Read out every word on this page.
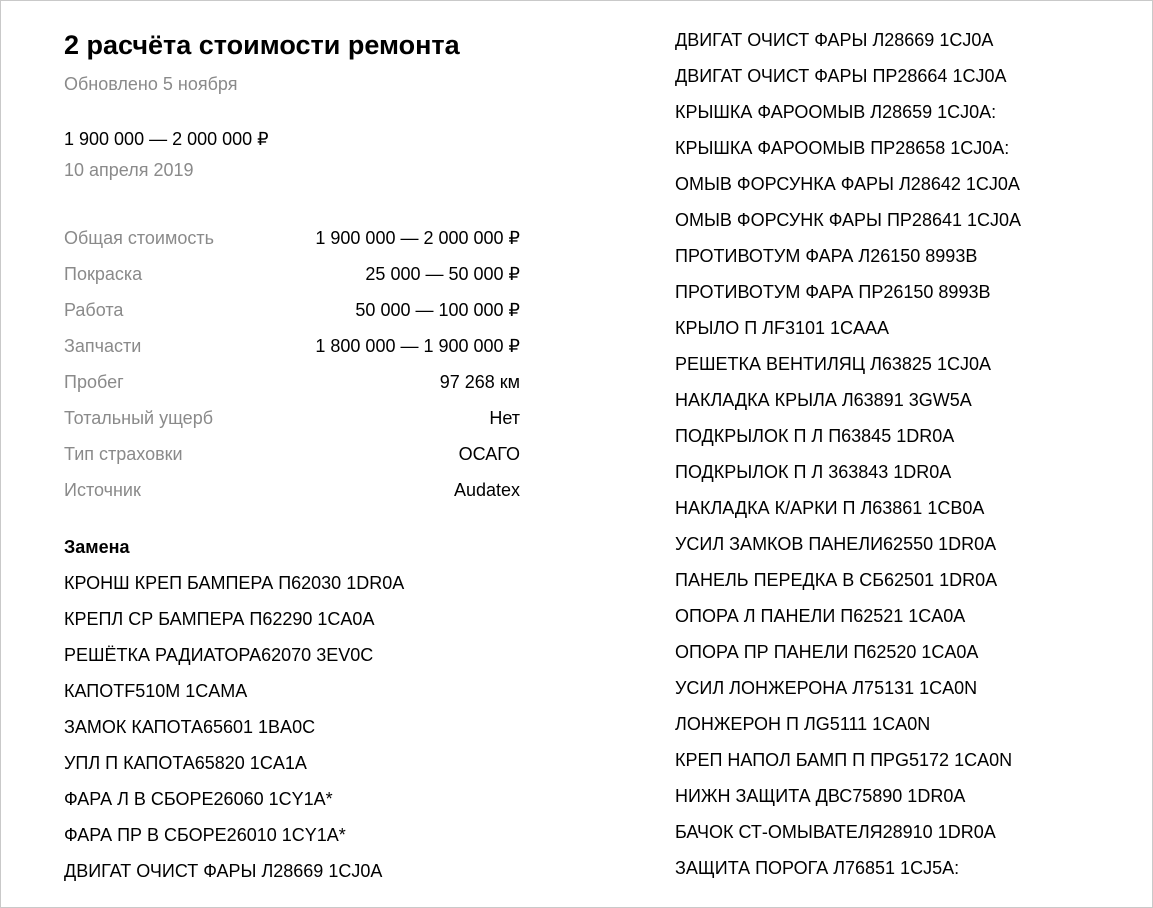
2 расчёта стоимости ремонта
Обновлено 5 ноября
1 900 000 — 2 000 000 ₽
10 апреля 2019
Общая стоимость	1 900 000 — 2 000 000 ₽
Покраска	25 000 — 50 000 ₽
Работа	50 000 — 100 000 ₽
Запчасти	1 800 000 — 1 900 000 ₽
Пробег	97 268 км
Тотальный ущерб	Нет
Тип страховки	ОСАГО
Источник	Audatex
Замена
КРОНШ КРЕП БАМПЕРА П62030 1DR0A
КРЕПЛ СР БАМПЕРА П62290 1CA0A
РЕШЁТКА РАДИАТОРА62070 3EV0C
КАПОТF510M 1CAMA
ЗАМОК КАПОТА65601 1BA0C
УПЛ П КАПОТА65820 1CA1A
ФАРА Л В СБОРЕ26060 1CY1A*
ФАРА ПР В СБОРЕ26010 1CY1A*
ДВИГАТ ОЧИСТ ФАРЫ Л28669 1CJ0A
ДВИГАТ ОЧИСТ ФАРЫ Л28669 1CJ0A
ДВИГАТ ОЧИСТ ФАРЫ ПР28664 1CJ0A
КРЫШКА ФАРООМЫВ Л28659 1CJ0A:
КРЫШКА ФАРООМЫВ ПР28658 1CJ0A:
ОМЫВ ФОРСУНКА ФАРЫ Л28642 1CJ0A
ОМЫВ ФОРСУНК ФАРЫ ПР28641 1CJ0A
ПРОТИВОТУМ ФАРА Л26150 8993B
ПРОТИВОТУМ ФАРА ПР26150 8993B
КРЫЛО П ЛF3101 1CAAA
РЕШЕТКА ВЕНТИЛЯЦ Л63825 1CJ0A
НАКЛАДКА КРЫЛА Л63891 3GW5A
ПОДКРЫЛОК П Л П63845 1DR0A
ПОДКРЫЛОК П Л 363843 1DR0A
НАКЛАДКА К/АРКИ П Л63861 1CB0A
УСИЛ ЗАМКОВ ПАНЕЛИ62550 1DR0A
ПАНЕЛЬ ПЕРЕДКА В СБ62501 1DR0A
ОПОРА Л ПАНЕЛИ П62521 1CA0A
ОПОРА ПР ПАНЕЛИ П62520 1CA0A
УСИЛ ЛОНЖЕРОНА Л75131 1CA0N
ЛОНЖЕРОН П ЛG5111 1CA0N
КРЕП НАПОЛ БАМП П ПPG5172 1CA0N
НИЖН ЗАЩИТА ДВС75890 1DR0A
БАЧОК СТ-ОМЫВАТЕЛЯ28910 1DR0A
ЗАЩИТА ПОРОГА Л76851 1CJ5A:
